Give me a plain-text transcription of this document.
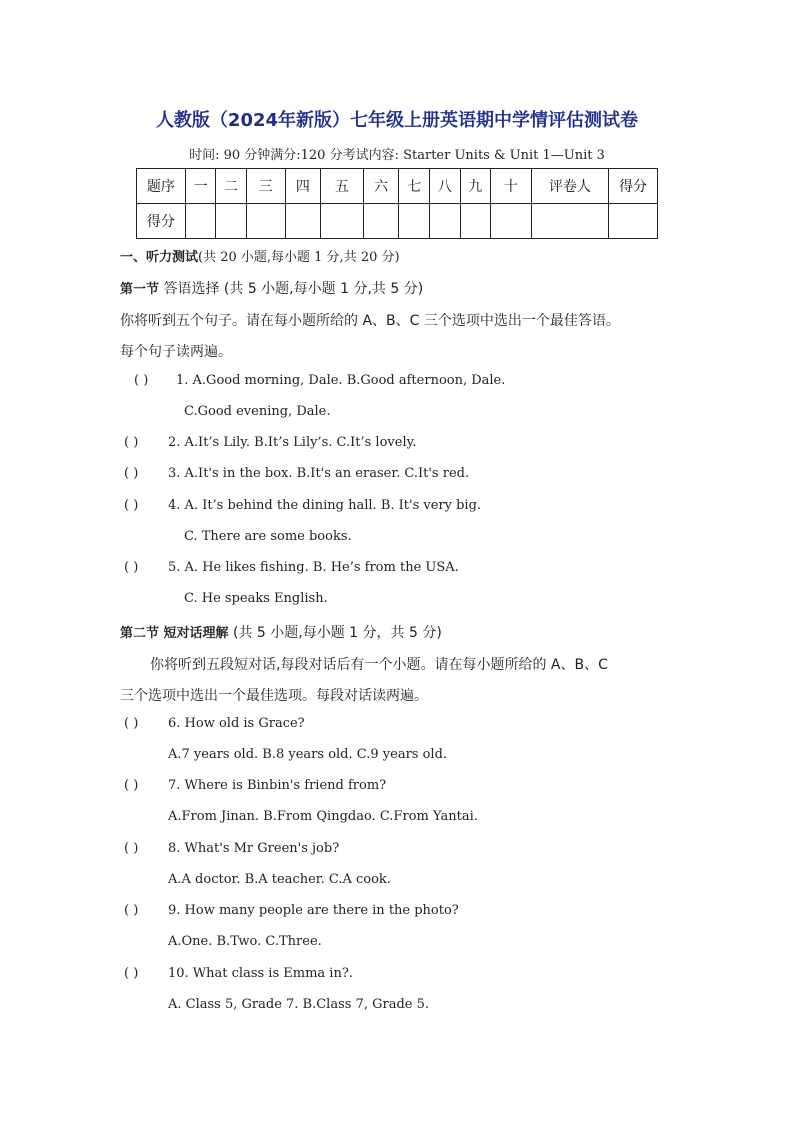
人教版（2024年新版）七年级上册英语期中学情评估测试卷
时间: 90 分钟满分:120 分考试内容: Starter Units & Unit 1—Unit 3
题序	一	二	三	四	五	六	七	八	九	十	评卷人	得分
得分												
一、听力测试(共 20 小题,每小题 1 分,共 20 分)
第一节 答语选择 (共 5 小题,每小题 1 分,共 5 分)
你将听到五个句子。请在每小题所给的 A、B、C 三个选项中选出一个最佳答语。
每个句子读两遍。
( ) 1. A.Good morning, Dale. B.Good afternoon, Dale.
C.Good evening, Dale.
( ) 2. A.It’s Lily. B.It’s Lily’s. C.It’s lovely.
( ) 3. A.It's in the box. B.It's an eraser. C.It's red.
( ) 4. A. It’s behind the dining hall. B. It's very big.
C. There are some books.
( ) 5. A. He likes fishing. B. He’s from the USA.
C. He speaks English.
第二节 短对话理解 (共 5 小题,每小题 1 分，共 5 分)
你将听到五段短对话,每段对话后有一个小题。请在每小题所给的 A、B、C
三个选项中选出一个最佳选项。每段对话读两遍。
( ) 6. How old is Grace?
A.7 years old. B.8 years old. C.9 years old.
( ) 7. Where is Binbin's friend from?
A.From Jinan. B.From Qingdao. C.From Yantai.
( ) 8. What's Mr Green's job?
A.A doctor. B.A teacher. C.A cook.
( ) 9. How many people are there in the photo?
A.One. B.Two. C.Three.
( ) 10. What class is Emma in?.
A. Class 5, Grade 7. B.Class 7, Grade 5.
